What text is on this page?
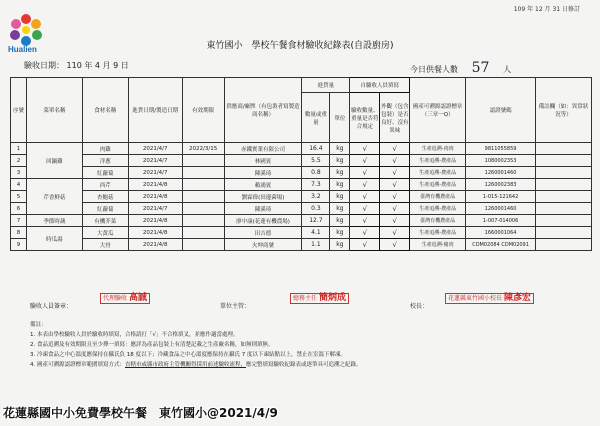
Hualien
109 年 12 月 31 日修訂
東竹國小　學校午餐食材驗收紀錄表(自設廚房)
驗收日期： 110 年 4 月 9 日	今日供餐人數 57 人
序號	菜單名稱	食材名稱	進貨日期/製造日期	有效期限	供應商/廠牌（有包裝者寫製造商名稱）	進貨量		自驗收人員填寫		國產可溯源認證標章（三章一Q）	認證號碼	備註欄（如：異常狀況等）
						數量或重量	單位	驗收數量、重量是否符合規定	外觀（包含包裝）是否良好、沒有異味			
1	回鍋雞	肉雞	2021/4/7	2022/3/15	赤鐵實業有限公司	16.4	kg	√	√	生產追溯-肉肉	9811055859	
2		洋蔥	2021/4/7		林國賓	5.5	kg	√	√	生產追溯-農產品	1080002353	
3		紅蘿蔔	2021/4/7		陳溪琦	0.8	kg	√	√	生產追溯-農產品	1260001460	
4	芹香鮮菇	西芹	2021/4/8		賴鴻賓	7.3	kg	√	√	生產追溯-農產品	1260002383	
5		杏鮑菇	2021/4/8		劉霖偉(田邊菌場)	3.2	kg	√	√	臺灣有機農產品	1-015-121642	
6		紅蘿蔔	2021/4/7		陳溪琦	0.3	kg	√	√	生產追溯-農產品	1260001460	
7	季節時蔬	有機芥菜	2021/4/8		廖中康(花蓮有機農場)	12.7	kg	√	√	臺灣有機農產品	1-007-014006	
8	時瓜湯	大黃瓜	2021/4/8		田吉德	4.1	kg	√	√	生產追溯-農產品	1660001064	
9		大骨	2021/4/8		火坤商號	1.1	kg	√	√	生產追溯-豬肉	CDM02084 CDM02091	
驗收人員簽章：
代理驗收 高誠
單位主管：
總務主任 簡炳成
校長：
花蓮縣東竹國小校長 陳彥宏
備註：
1. 本表由學校驗收人員於驗收時填寫，合格請打「√」不合格填叉，並應作適當處理。
2. 食品追溯及有效期限且至少擇一填寫：應詳為產品包裝上有清楚記載之生產廠名稱，如無則填無。
3. 冷凍食品之中心溫度應保持在攝氏負 18 度以下；冷藏食品之中心溫度應保持在攝氏 7 度以下凍結點以上，禁止在室溫下解凍。
4. 國產可溯源認證標章範圍填寫方式：直轄市或縣市政府主管機關得採用前述驗收流程，應完整填寫驗收紀錄表或逐筆具可追溯之紀錄。
花蓮縣國中小免費學校午餐　東竹國小@2021/4/9
